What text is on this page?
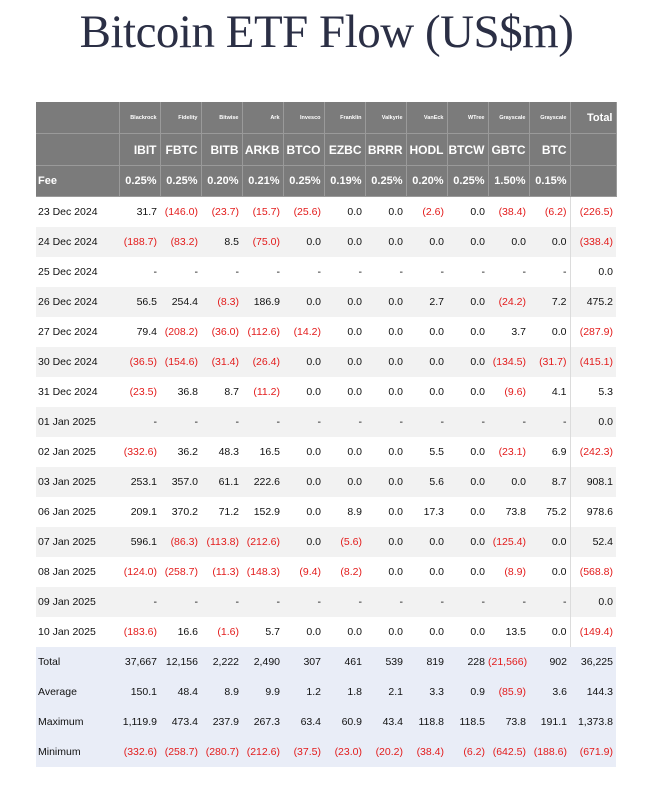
Bitcoin ETF Flow (US$m)
	Blackrock	Fidelity	Bitwise	Ark	Invesco	Franklin	Valkyrie	VanEck	WTree	Grayscale	Grayscale	Total
	IBIT	FBTC	BITB	ARKB	BTCO	EZBC	BRRR	HODL	BTCW	GBTC	BTC	
Fee	0.25%	0.25%	0.20%	0.21%	0.25%	0.19%	0.25%	0.20%	0.25%	1.50%	0.15%	
23 Dec 2024	31.7	(146.0)	(23.7)	(15.7)	(25.6)	0.0	0.0	(2.6)	0.0	(38.4)	(6.2)	(226.5)
24 Dec 2024	(188.7)	(83.2)	8.5	(75.0)	0.0	0.0	0.0	0.0	0.0	0.0	0.0	(338.4)
25 Dec 2024	-	-	-	-	-	-	-	-	-	-	-	0.0
26 Dec 2024	56.5	254.4	(8.3)	186.9	0.0	0.0	0.0	2.7	0.0	(24.2)	7.2	475.2
27 Dec 2024	79.4	(208.2)	(36.0)	(112.6)	(14.2)	0.0	0.0	0.0	0.0	3.7	0.0	(287.9)
30 Dec 2024	(36.5)	(154.6)	(31.4)	(26.4)	0.0	0.0	0.0	0.0	0.0	(134.5)	(31.7)	(415.1)
31 Dec 2024	(23.5)	36.8	8.7	(11.2)	0.0	0.0	0.0	0.0	0.0	(9.6)	4.1	5.3
01 Jan 2025	-	-	-	-	-	-	-	-	-	-	-	0.0
02 Jan 2025	(332.6)	36.2	48.3	16.5	0.0	0.0	0.0	5.5	0.0	(23.1)	6.9	(242.3)
03 Jan 2025	253.1	357.0	61.1	222.6	0.0	0.0	0.0	5.6	0.0	0.0	8.7	908.1
06 Jan 2025	209.1	370.2	71.2	152.9	0.0	8.9	0.0	17.3	0.0	73.8	75.2	978.6
07 Jan 2025	596.1	(86.3)	(113.8)	(212.6)	0.0	(5.6)	0.0	0.0	0.0	(125.4)	0.0	52.4
08 Jan 2025	(124.0)	(258.7)	(11.3)	(148.3)	(9.4)	(8.2)	0.0	0.0	0.0	(8.9)	0.0	(568.8)
09 Jan 2025	-	-	-	-	-	-	-	-	-	-	-	0.0
10 Jan 2025	(183.6)	16.6	(1.6)	5.7	0.0	0.0	0.0	0.0	0.0	13.5	0.0	(149.4)
Total	37,667	12,156	2,222	2,490	307	461	539	819	228	(21,566)	902	36,225
Average	150.1	48.4	8.9	9.9	1.2	1.8	2.1	3.3	0.9	(85.9)	3.6	144.3
Maximum	1,119.9	473.4	237.9	267.3	63.4	60.9	43.4	118.8	118.5	73.8	191.1	1,373.8
Minimum	(332.6)	(258.7)	(280.7)	(212.6)	(37.5)	(23.0)	(20.2)	(38.4)	(6.2)	(642.5)	(188.6)	(671.9)
